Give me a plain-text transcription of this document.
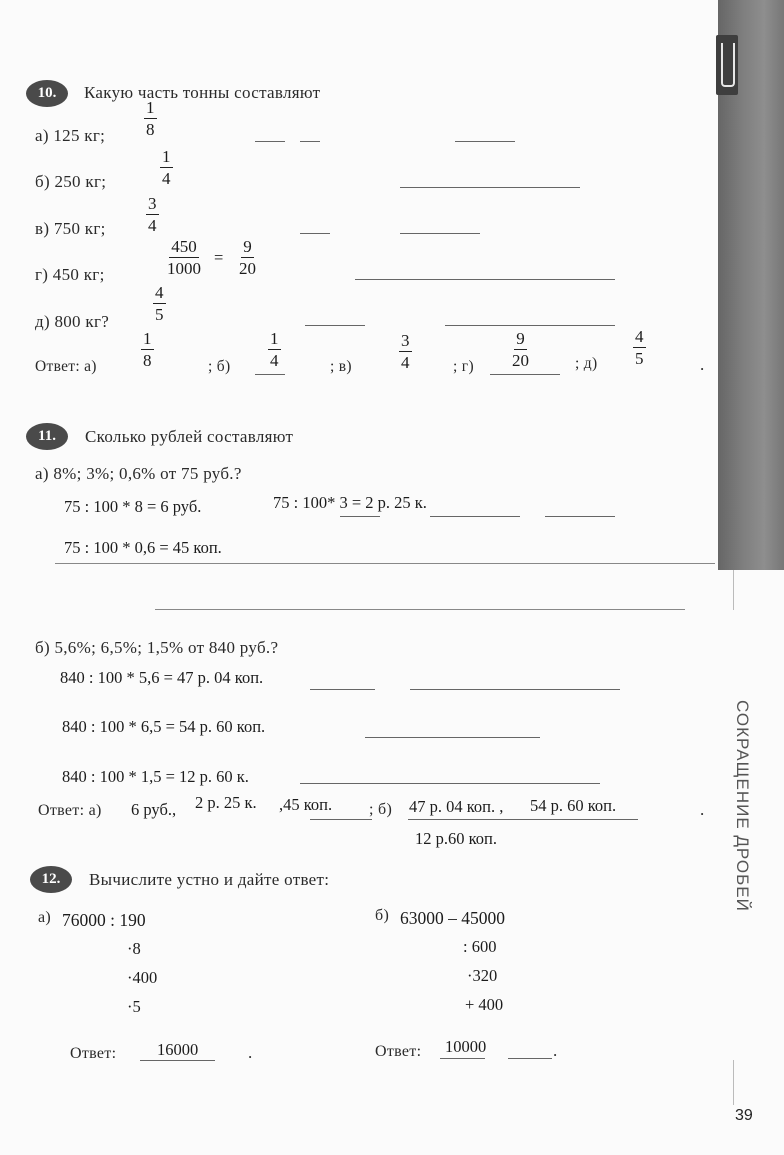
СОКРАЩЕНИЕ ДРОБЕЙ
39
10.	Какую часть тонны составляют
а) 125 кг; $\frac{1}{8}$
б) 250 кг;	$\frac{1}{4}$
в) 750 кг; $\frac{3}{4}$
г) 450 кг;	$\frac{450}{1000} = \frac{9}{20}$
д) 800 кг?	$\frac{4}{5}$
Ответ: а)	$\frac{1}{8}$	; $б) \frac{1}{4}$	; в)	$\frac{3}{4}$	; $г) \frac{9}{20}$	; $д) \frac{4}{5}$	.
11.	Сколько рублей составляют
а) 8%; 3%; 0,6% от 75 руб.?
75 : 100 * 8 = 6 руб.	75 : 100* 3 = 2 р. 25 к.
75 : 100 * 0,6 = 45 коп.
б) 5,6%; 6,5%; 1,5% от 840 руб.?
840 : 100 * 5,6 = 47 р. 04 коп.
840 : 100 * 6,5 = 54 р. 60 коп.
840 : 100 * 1,5 = 12 р. 60 к.
Ответ: а) 6 руб., 2 р. 25 к. ,45 коп. ; б) 47 р. 04 коп. , 54 р. 60 коп.	.
12 р.60 коп.
12.	Вычислите устно и дайте ответ:
а) 76000 : 190
·8
·400
·5
б) 63000 – 45000
: 600
·320
+ 400
Ответ: 16000	.	Ответ: 10000	.
